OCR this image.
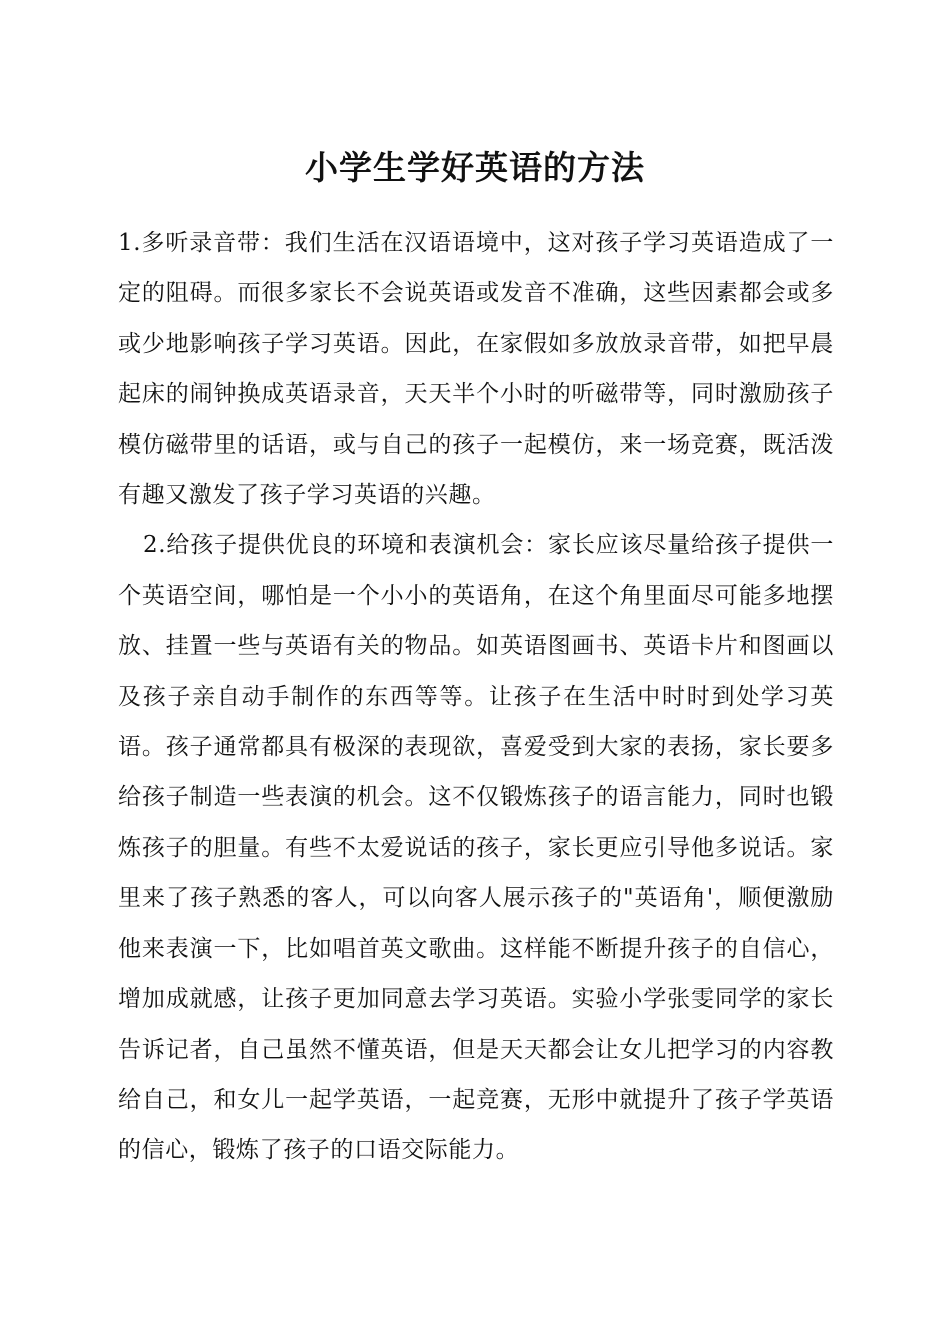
小学生学好英语的方法

1.多听录音带：我们生活在汉语语境中，这对孩子学习英语造成了一定的阻碍。而很多家长不会说英语或发音不准确，这些因素都会或多或少地影响孩子学习英语。因此，在家假如多放放录音带，如把早晨起床的闹钟换成英语录音，天天半个小时的听磁带等，同时激励孩子模仿磁带里的话语，或与自己的孩子一起模仿，来一场竞赛，既活泼有趣又激发了孩子学习英语的兴趣。

2.给孩子提供优良的环境和表演机会：家长应该尽量给孩子提供一个英语空间，哪怕是一个小小的英语角，在这个角里面尽可能多地摆放、挂置一些与英语有关的物品。如英语图画书、英语卡片和图画以及孩子亲自动手制作的东西等等。让孩子在生活中时时到处学习英语。孩子通常都具有极深的表现欲，喜爱受到大家的表扬，家长要多给孩子制造一些表演的机会。这不仅锻炼孩子的语言能力，同时也锻炼孩子的胆量。有些不太爱说话的孩子，家长更应引导他多说话。家里来了孩子熟悉的客人，可以向客人展示孩子的"英语角'，顺便激励他来表演一下，比如唱首英文歌曲。这样能不断提升孩子的自信心，增加成就感，让孩子更加同意去学习英语。实验小学张雯同学的家长告诉记者，自己虽然不懂英语，但是天天都会让女儿把学习的内容教给自己，和女儿一起学英语，一起竞赛，无形中就提升了孩子学英语的信心，锻炼了孩子的口语交际能力。
